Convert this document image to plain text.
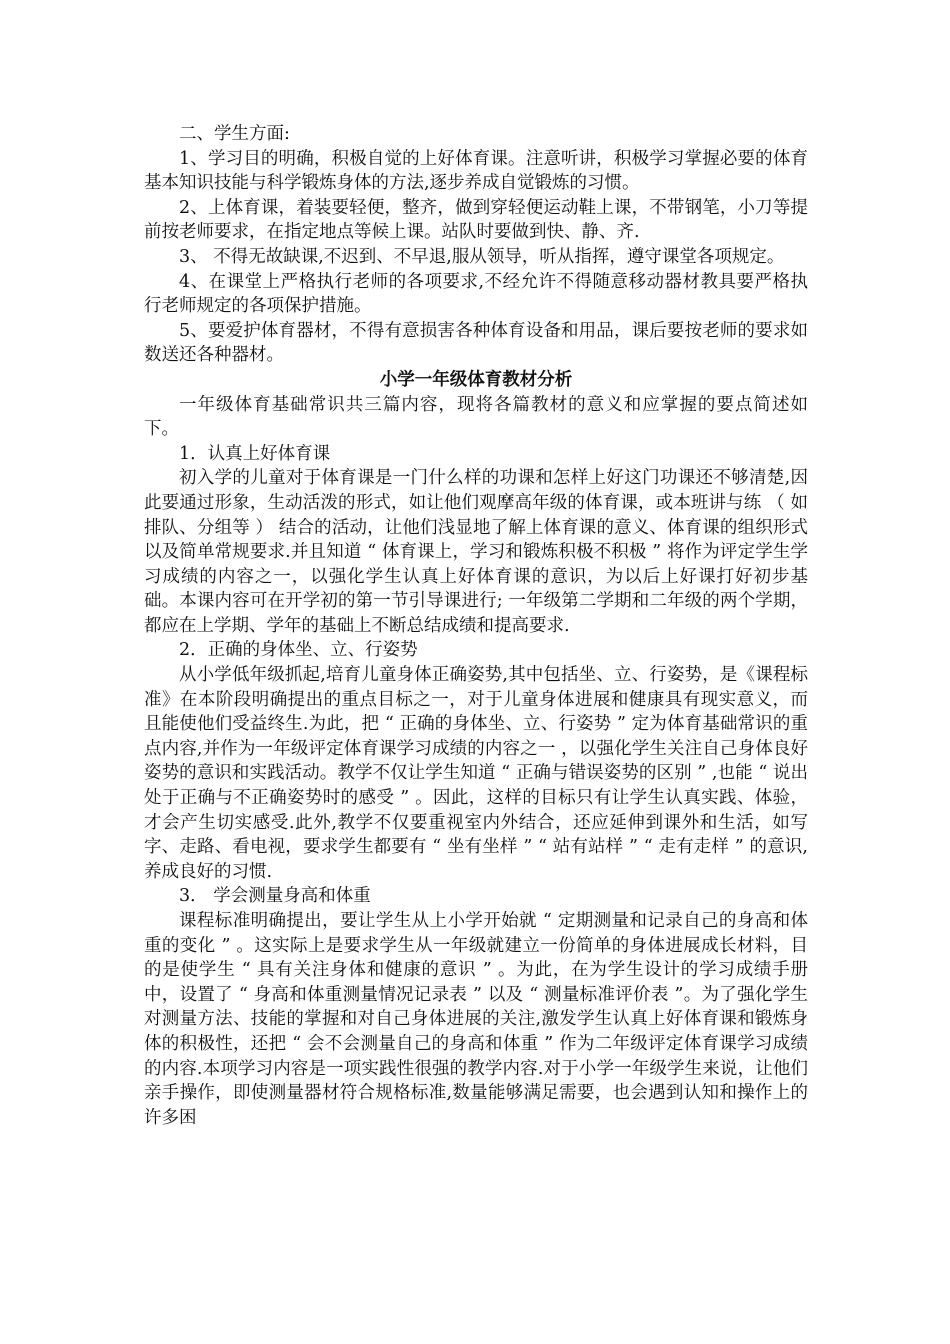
二、学生方面:

1、学习目的明确，积极自觉的上好体育课。注意听讲，积极学习掌握必要的体育基本知识技能与科学锻炼身体的方法,逐步养成自觉锻炼的习惯。

2、上体育课，着装要轻便，整齐，做到穿轻便运动鞋上课，不带钢笔，小刀等提前按老师要求，在指定地点等候上课。站队时要做到快、静、齐.

3、 不得无故缺课,不迟到、不早退,服从领导，听从指挥，遵守课堂各项规定。

4、在课堂上严格执行老师的各项要求,不经允许不得随意移动器材教具要严格执行老师规定的各项保护措施。

5、要爱护体育器材，不得有意损害各种体育设备和用品，课后要按老师的要求如数送还各种器材。

小学一年级体育教材分析

一年级体育基础常识共三篇内容，现将各篇教材的意义和应掌握的要点简述如下。

1．认真上好体育课

初入学的儿童对于体育课是一门什么样的功课和怎样上好这门功课还不够清楚,因此要通过形象，生动活泼的形式，如让他们观摩高年级的体育课，或本班讲与练 （ 如排队、分组等 ） 结合的活动，让他们浅显地了解上体育课的意义、体育课的组织形式以及简单常规要求.并且知道 “ 体育课上，学习和锻炼积极不积极 ” 将作为评定学生学习成绩的内容之一，以强化学生认真上好体育课的意识，为以后上好课打好初步基础。本课内容可在开学初的第一节引导课进行; 一年级第二学期和二年级的两个学期，都应在上学期、学年的基础上不断总结成绩和提高要求.

2．正确的身体坐、立、行姿势

从小学低年级抓起,培育儿童身体正确姿势,其中包括坐、立、行姿势，是《课程标准》在本阶段明确提出的重点目标之一，对于儿童身体进展和健康具有现实意义，而且能使他们受益终生.为此，把 “ 正确的身体坐、立、行姿势 ” 定为体育基础常识的重点内容,并作为一年级评定体育课学习成绩的内容之一 ，以强化学生关注自己身体良好姿势的意识和实践活动。教学不仅让学生知道 “ 正确与错误姿势的区别 ” ,也能 “ 说出处于正确与不正确姿势时的感受 ” 。因此，这样的目标只有让学生认真实践、体验，才会产生切实感受.此外,教学不仅要重视室内外结合，还应延伸到课外和生活，如写字、走路、看电视，要求学生都要有 “ 坐有坐样 ” “ 站有站样 ” “ 走有走样 ” 的意识,养成良好的习惯.

3． 学会测量身高和体重

课程标准明确提出，要让学生从上小学开始就 “ 定期测量和记录自己的身高和体重的变化 ” 。这实际上是要求学生从一年级就建立一份简单的身体进展成长材料，目的是使学生 “ 具有关注身体和健康的意识 ” 。为此，在为学生设计的学习成绩手册中，设置了 “ 身高和体重测量情况记录表 ” 以及 “ 测量标准评价表 ”。为了强化学生对测量方法、技能的掌握和对自己身体进展的关注,激发学生认真上好体育课和锻炼身体的积极性，还把 “ 会不会测量自己的身高和体重 ” 作为二年级评定体育课学习成绩的内容.本项学习内容是一项实践性很强的教学内容.对于小学一年级学生来说，让他们亲手操作，即使测量器材符合规格标准,数量能够满足需要，也会遇到认知和操作上的许多困
